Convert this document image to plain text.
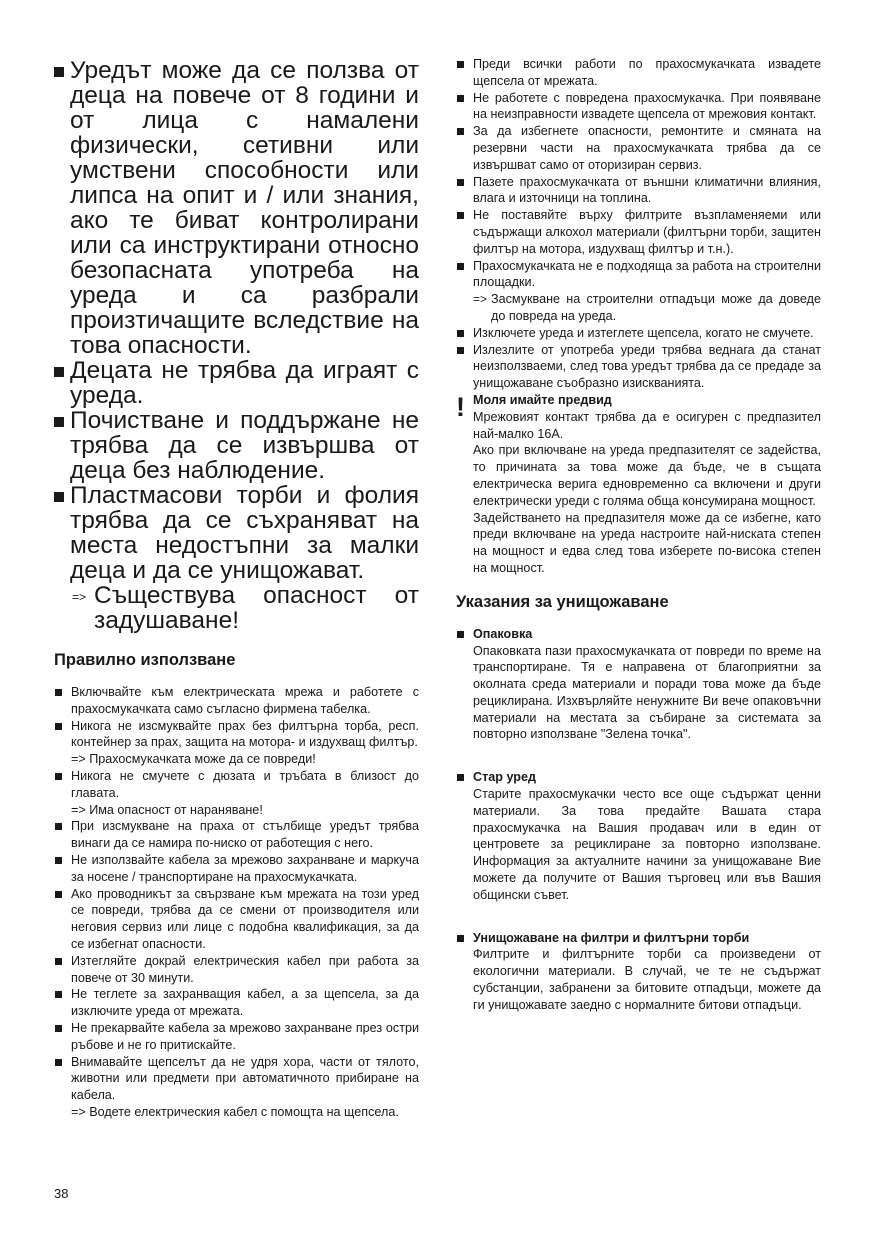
Уредът може да се ползва от деца на повече от 8 години и от лица с намалени физически, сетивни или умствени способности или липса на опит и / или знания, ако те биват контролирани или са инструктирани относно безопасната употреба на уреда и са разбрали произтичащите вследствие на това опасности.
Децата не трябва да играят с уреда.
Почистване и поддържане не трябва да се извършва от деца без наблюдение.
Пластмасови торби и фолия трябва да се съхраняват на места недостъпни за малки деца и да се унищожават.
=> Съществува опасност от задушаване!
Правилно използване
Включвайте към електрическата мрежа и работете с прахосмукачката само съгласно фирмена табелка.
Никога не изсмуквайте прах без филтърна торба, респ. контейнер за прах, защита на мотора- и издухващ филтър.
=> Прахосмукачката може да се повреди!
Никога не смучете с дюзата и тръбата в близост до главата.
=> Има опасност от нараняване!
При изсмукване на праха от стълбище уредът трябва винаги да се намира по-ниско от работещия с него.
Не използвайте кабела за мрежово захранване и маркуча за носене / транспортиране на прахосмукачката.
Ако проводникът за свързване към мрежата на този уред се повреди, трябва да се смени от производителя или неговия сервиз или лице с подобна квалификация, за да се избегнат опасности.
Изтегляйте докрай електрическия кабел при работа за повече от 30 минути.
Не теглете за захранващия кабел, а за щепсела, за да изключите уреда от мрежата.
Не прекарвайте кабела за мрежово захранване през остри ръбове и не го притискайте.
Внимавайте щепселът да не удря хора, части от тялото, животни или предмети при автоматичното прибиране на кабела.
=> Водете електрическия кабел с помощта на щепсела.
Преди всички работи по прахосмукачката извадете щепсела от мрежата.
Не работете с повредена прахосмукачка. При появяване на неизправности извадете щепсела от мрежовия контакт.
За да избегнете опасности, ремонтите и смяната на резервни части на прахосмукачката трябва да се извършват само от оторизиран сервиз.
Пазете прахосмукачката от външни климатични влияния, влага и източници на топлина.
Не поставяйте върху филтрите възпламеняеми или съдържащи алкохол материали (филтърни торби, защитен филтър на мотора, издухващ филтър и т.н.).
Прахосмукачката не е подходяща за работа на строителни площадки.
=> Засмукване на строителни отпадъци може да доведе до повреда на уреда.
Изключете уреда и изтеглете щепсела, когато не смучете.
Излезлите от употреба уреди трябва веднага да станат неизползваеми, след това уредът трябва да се предаде за унищожаване съобразно изискванията.
! Моля имайте предвид

Мрежовият контакт трябва да е осигурен с предпазител най-малко 16A.

Ако при включване на уреда предпазителят се задейства, то причината за това може да бъде, че в същата електрическа верига едновременно са включени и други електрически уреди с голяма обща консумирана мощност.

Задействането на предпазителя може да се избегне, като преди включване на уреда настроите най-ниската степен на мощност и едва след това изберете по-висока степен на мощност.

Указания за унищожаване
Опаковка

Опаковката пази прахосмукачката от повреди по време на транспортиране. Тя е направена от благоприятни за околната среда материали и поради това може да бъде рециклирана. Изхвърляйте ненужните Ви вече опаковъчни материали на местата за събиране за системата за повторно използване "Зелена точка".

Стар уред

Старите прахосмукачки често все още съдържат ценни материали. За това предайте Вашата стара прахосмукачка на Вашия продавач или в един от центровете за рециклиране за повторно използване. Информация за актуалните начини за унищожаване Вие можете да получите от Вашия търговец или във Вашия общински съвет.

Унищожаване на филтри и филтърни торби

Филтрите и филтърните торби са произведени от екологични материали. В случай, че те не съдържат субстанции, забранени за битовите отпадъци, можете да ги унищожавате заедно с нормалните битови отпадъци.

38
